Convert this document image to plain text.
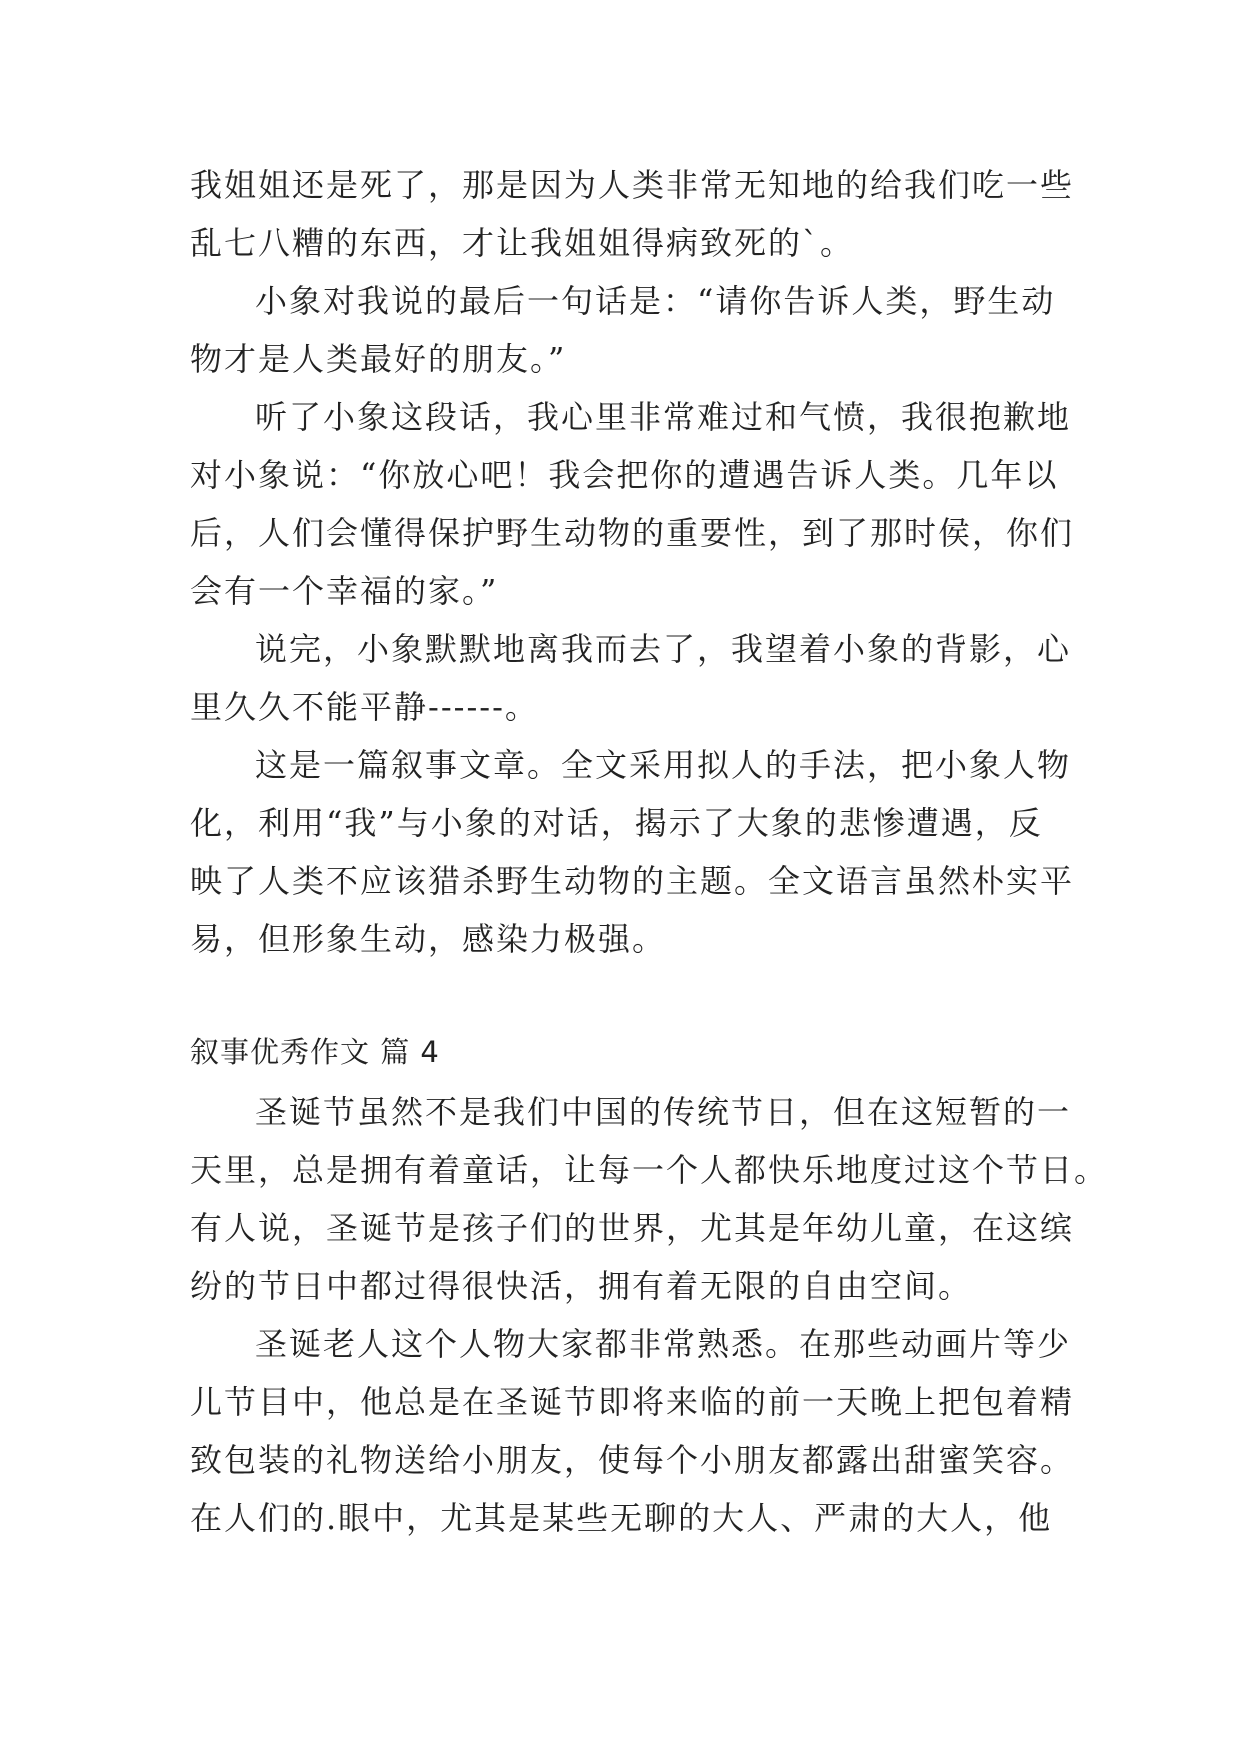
我姐姐还是死了，那是因为人类非常无知地的给我们吃一些
乱七八糟的东西，才让我姐姐得病致死的`。
小象对我说的最后一句话是：“请你告诉人类，野生动
物才是人类最好的朋友。”
听了小象这段话，我心里非常难过和气愤，我很抱歉地
对小象说：“你放心吧！我会把你的遭遇告诉人类。几年以
后，人们会懂得保护野生动物的重要性，到了那时侯，你们
会有一个幸福的家。”
说完，小象默默地离我而去了，我望着小象的背影，心
里久久不能平静------。
这是一篇叙事文章。全文采用拟人的手法，把小象人物
化，利用“我”与小象的对话，揭示了大象的悲惨遭遇，反
映了人类不应该猎杀野生动物的主题。全文语言虽然朴实平
易，但形象生动，感染力极强。
叙事优秀作文 篇 4
圣诞节虽然不是我们中国的传统节日，但在这短暂的一
天里，总是拥有着童话，让每一个人都快乐地度过这个节日。
有人说，圣诞节是孩子们的世界，尤其是年幼儿童，在这缤
纷的节日中都过得很快活，拥有着无限的自由空间。
圣诞老人这个人物大家都非常熟悉。在那些动画片等少
儿节目中，他总是在圣诞节即将来临的前一天晚上把包着精
致包装的礼物送给小朋友，使每个小朋友都露出甜蜜笑容。
在人们的.眼中，尤其是某些无聊的大人、严肃的大人，他
